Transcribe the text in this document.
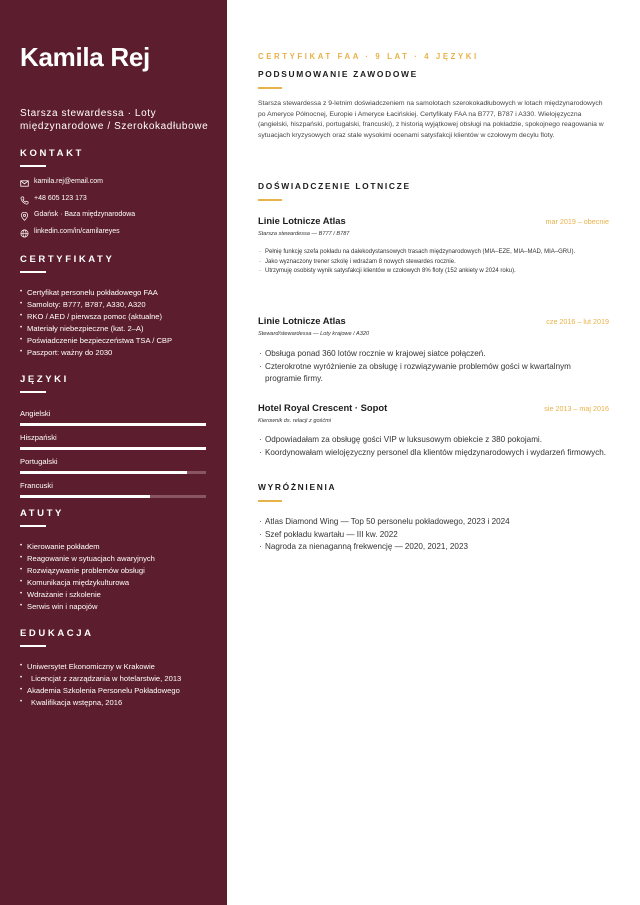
Kamila Rej
Starsza stewardessa · Loty międzynarodowe / Szerokokadłubowe
KONTAKT
kamila.rej@email.com
+48 605 123 173
Gdańsk · Baza międzynarodowa
linkedin.com/in/camilareyes
CERTYFIKATY
• Certyfikat personelu pokładowego FAA
• Samoloty: B777, B787, A330, A320
• RKO / AED / pierwsza pomoc (aktualne)
• Materiały niebezpieczne (kat. 2–A)
• Poświadczenie bezpieczeństwa TSA / CBP
• Paszport: ważny do 2030
JĘZYKI
Angielski
Hiszpański
Portugalski
Francuski
ATUTY
• Kierowanie pokładem
• Reagowanie w sytuacjach awaryjnych
• Rozwiązywanie problemów obsługi
• Komunikacja międzykulturowa
• Wdrażanie i szkolenie
• Serwis win i napojów
EDUKACJA
• Uniwersytet Ekonomiczny w Krakowie
• Licencjat z zarządzania w hotelarstwie, 2013
• Akademia Szkolenia Personelu Pokładowego
• Kwalifikacja wstępna, 2016
CERTYFIKAT FAA · 9 LAT · 4 JĘZYKI
PODSUMOWANIE ZAWODOWE
Starsza stewardessa z 9-letnim doświadczeniem na samolotach szerokokadłubowych w lotach międzynarodowych po Ameryce Północnej, Europie i Ameryce Łacińskiej. Certyfikaty FAA na B777, B787 i A330. Wielojęzyczna (angielski, hiszpański, portugalski, francuski), z historią wyjątkowej obsługi na pokładzie, spokojnego reagowania w sytuacjach kryzysowych oraz stale wysokimi ocenami satysfakcji klientów w czołowym decylu floty.
DOŚWIADCZENIE LOTNICZE
Linie Lotnicze Atlas	mar 2019 – obecnie
Starsza stewardessa — B777 / B787
· Pełnię funkcję szefa pokładu na dalekodystansowych trasach międzynarodowych (MIA–EZE, MIA–MAD, MIA–GRU).
· Jako wyznaczony trener szkolę i wdrażam 8 nowych stewardes rocznie.
· Utrzymuję osobisty wynik satysfakcji klientów w czołowych 8% floty (152 ankiety w 2024 roku).
Linie Lotnicze Atlas	cze 2016 – lut 2019
Steward/stewardessa — Loty krajowe / A320
· Obsługa ponad 360 lotów rocznie w krajowej siatce połączeń.
· Czterokrotne wyróżnienie za obsługę i rozwiązywanie problemów gości w kwartalnym programie firmy.
Hotel Royal Crescent · Sopot	sie 2013 – maj 2016
Kierownik ds. relacji z gośćmi
· Odpowiadałam za obsługę gości VIP w luksusowym obiekcie z 380 pokojami.
· Koordynowałam wielojęzyczny personel dla klientów międzynarodowych i wydarzeń firmowych.
WYRÓŻNIENIA
· Atlas Diamond Wing — Top 50 personelu pokładowego, 2023 i 2024
· Szef pokładu kwartału — III kw. 2022
· Nagroda za nienaganną frekwencję — 2020, 2021, 2023
